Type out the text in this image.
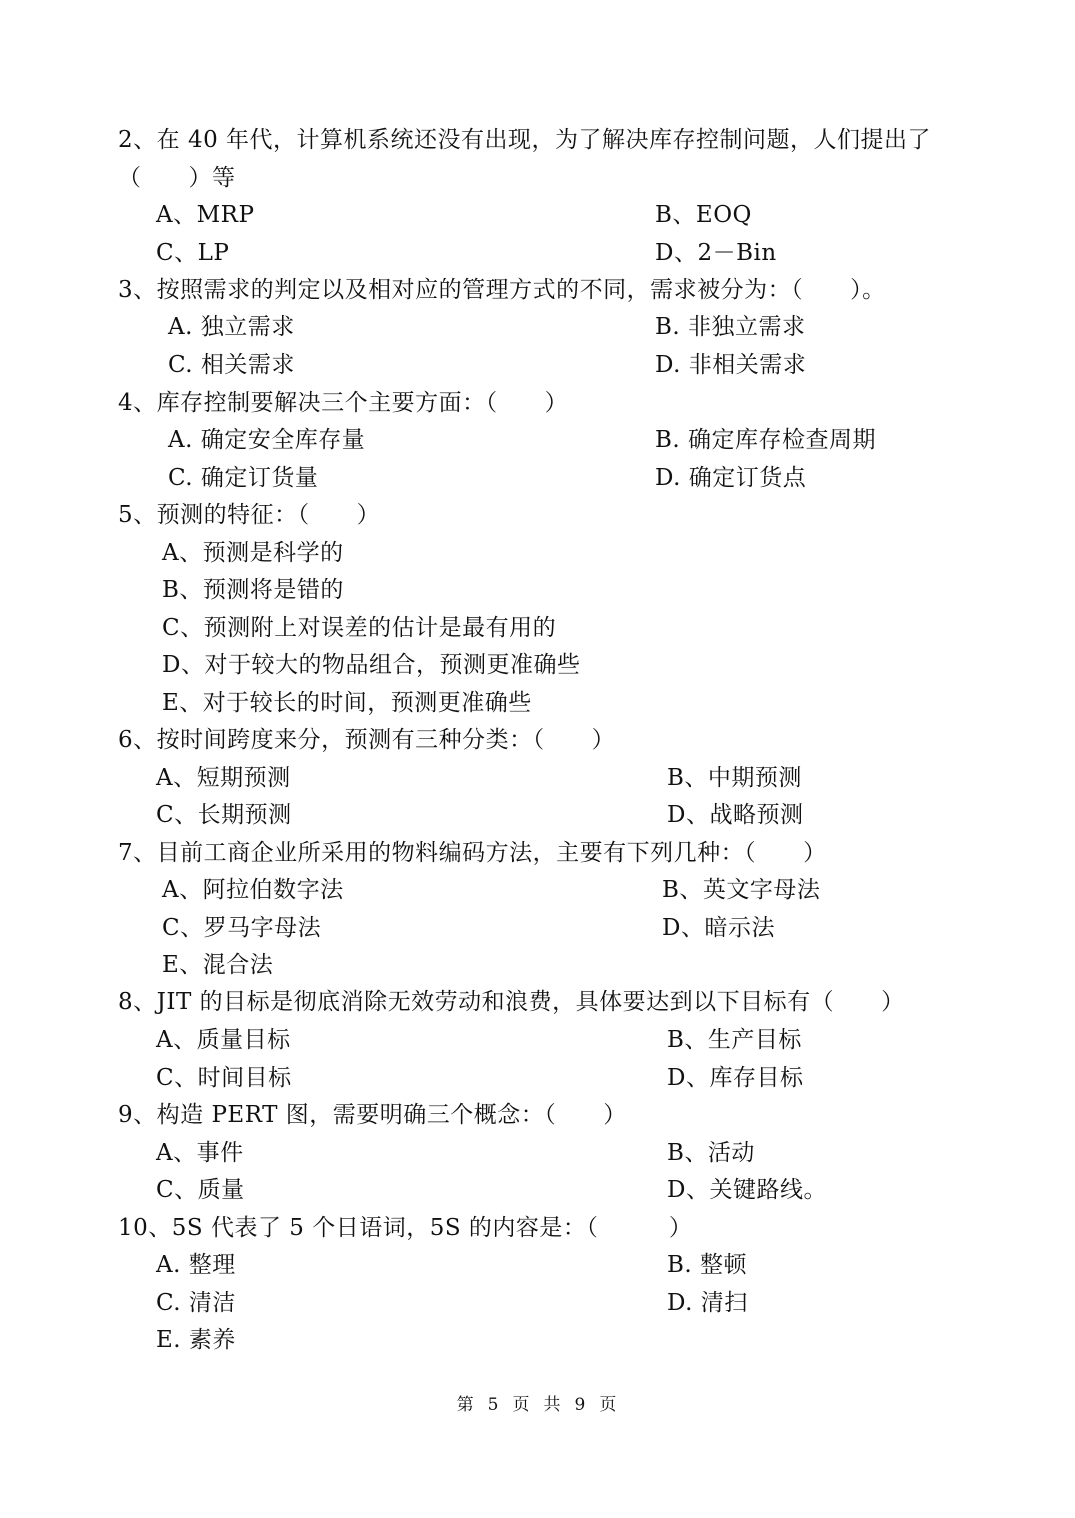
2、在 40 年代，计算机系统还没有出现，为了解决库存控制问题，人们提出了
（　　）等
A、MRP	B、EOQ
C、LP	D、2－Bin
3、按照需求的判定以及相对应的管理方式的不同，需求被分为：（　　）。
A. 独立需求	B. 非独立需求
C. 相关需求	D. 非相关需求
4、库存控制要解决三个主要方面：（　　）
A. 确定安全库存量	B. 确定库存检查周期
C. 确定订货量	D. 确定订货点
5、预测的特征：（　　）
A、预测是科学的
B、预测将是错的
C、预测附上对误差的估计是最有用的
D、对于较大的物品组合，预测更准确些
E、对于较长的时间，预测更准确些
6、按时间跨度来分，预测有三种分类：（　　）
A、短期预测	B、中期预测
C、长期预测	D、战略预测
7、目前工商企业所采用的物料编码方法，主要有下列几种：（　　）
A、阿拉伯数字法	B、英文字母法
C、罗马字母法	D、暗示法
E、混合法
8、JIT 的目标是彻底消除无效劳动和浪费，具体要达到以下目标有（　　）
A、质量目标	B、生产目标
C、时间目标	D、库存目标
9、构造 PERT 图，需要明确三个概念：（　　）
A、事件	B、活动
C、质量	D、关键路线。
10、5S 代表了 5 个日语词，5S 的内容是：（　　　）
A. 整理	B. 整顿
C. 清洁	D. 清扫
E. 素养
第 5 页 共 9 页
